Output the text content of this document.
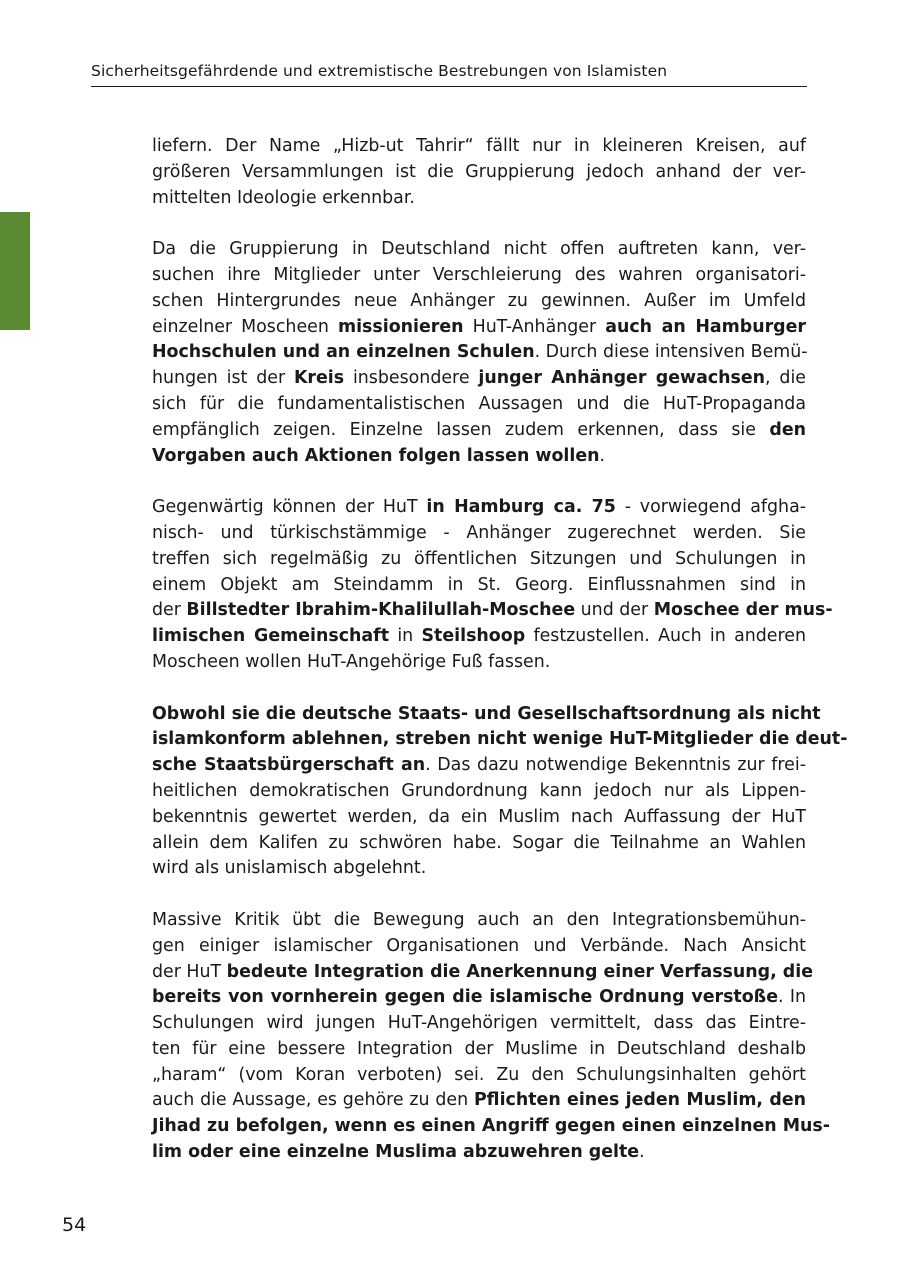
Sicherheitsgefährdende und extremistische Bestrebungen von Islamisten
liefern. Der Name „Hizb-ut Tahrir“ fällt nur in kleineren Kreisen, auf
größeren Versammlungen ist die Gruppierung jedoch anhand der ver-
mittelten Ideologie erkennbar.
Da die Gruppierung in Deutschland nicht offen auftreten kann, ver-
suchen ihre Mitglieder unter Verschleierung des wahren organisatori-
schen Hintergrundes neue Anhänger zu gewinnen. Außer im Umfeld
einzelner Moscheen missionieren HuT-Anhänger auch an Hamburger
Hochschulen und an einzelnen Schulen. Durch diese intensiven Bemü-
hungen ist der Kreis insbesondere junger Anhänger gewachsen, die
sich für die fundamentalistischen Aussagen und die HuT-Propaganda
empfänglich zeigen. Einzelne lassen zudem erkennen, dass sie den
Vorgaben auch Aktionen folgen lassen wollen.
Gegenwärtig können der HuT in Hamburg ca. 75 - vorwiegend afgha-
nisch- und türkischstämmige - Anhänger zugerechnet werden. Sie
treffen sich regelmäßig zu öffentlichen Sitzungen und Schulungen in
einem Objekt am Steindamm in St. Georg. Einflussnahmen sind in
der Billstedter Ibrahim-Khalilullah-Moschee und der Moschee der mus-
limischen Gemeinschaft in Steilshoop festzustellen. Auch in anderen
Moscheen wollen HuT-Angehörige Fuß fassen.
Obwohl sie die deutsche Staats- und Gesellschaftsordnung als nicht
islamkonform ablehnen, streben nicht wenige HuT-Mitglieder die deut-
sche Staatsbürgerschaft an. Das dazu notwendige Bekenntnis zur frei-
heitlichen demokratischen Grundordnung kann jedoch nur als Lippen-
bekenntnis gewertet werden, da ein Muslim nach Auffassung der HuT
allein dem Kalifen zu schwören habe. Sogar die Teilnahme an Wahlen
wird als unislamisch abgelehnt.
Massive Kritik übt die Bewegung auch an den Integrationsbemühun-
gen einiger islamischer Organisationen und Verbände. Nach Ansicht
der HuT bedeute Integration die Anerkennung einer Verfassung, die
bereits von vornherein gegen die islamische Ordnung verstoße. In
Schulungen wird jungen HuT-Angehörigen vermittelt, dass das Eintre-
ten für eine bessere Integration der Muslime in Deutschland deshalb
„haram“ (vom Koran verboten) sei. Zu den Schulungsinhalten gehört
auch die Aussage, es gehöre zu den Pflichten eines jeden Muslim, den
Jihad zu befolgen, wenn es einen Angriff gegen einen einzelnen Mus-
lim oder eine einzelne Muslima abzuwehren gelte.
54
